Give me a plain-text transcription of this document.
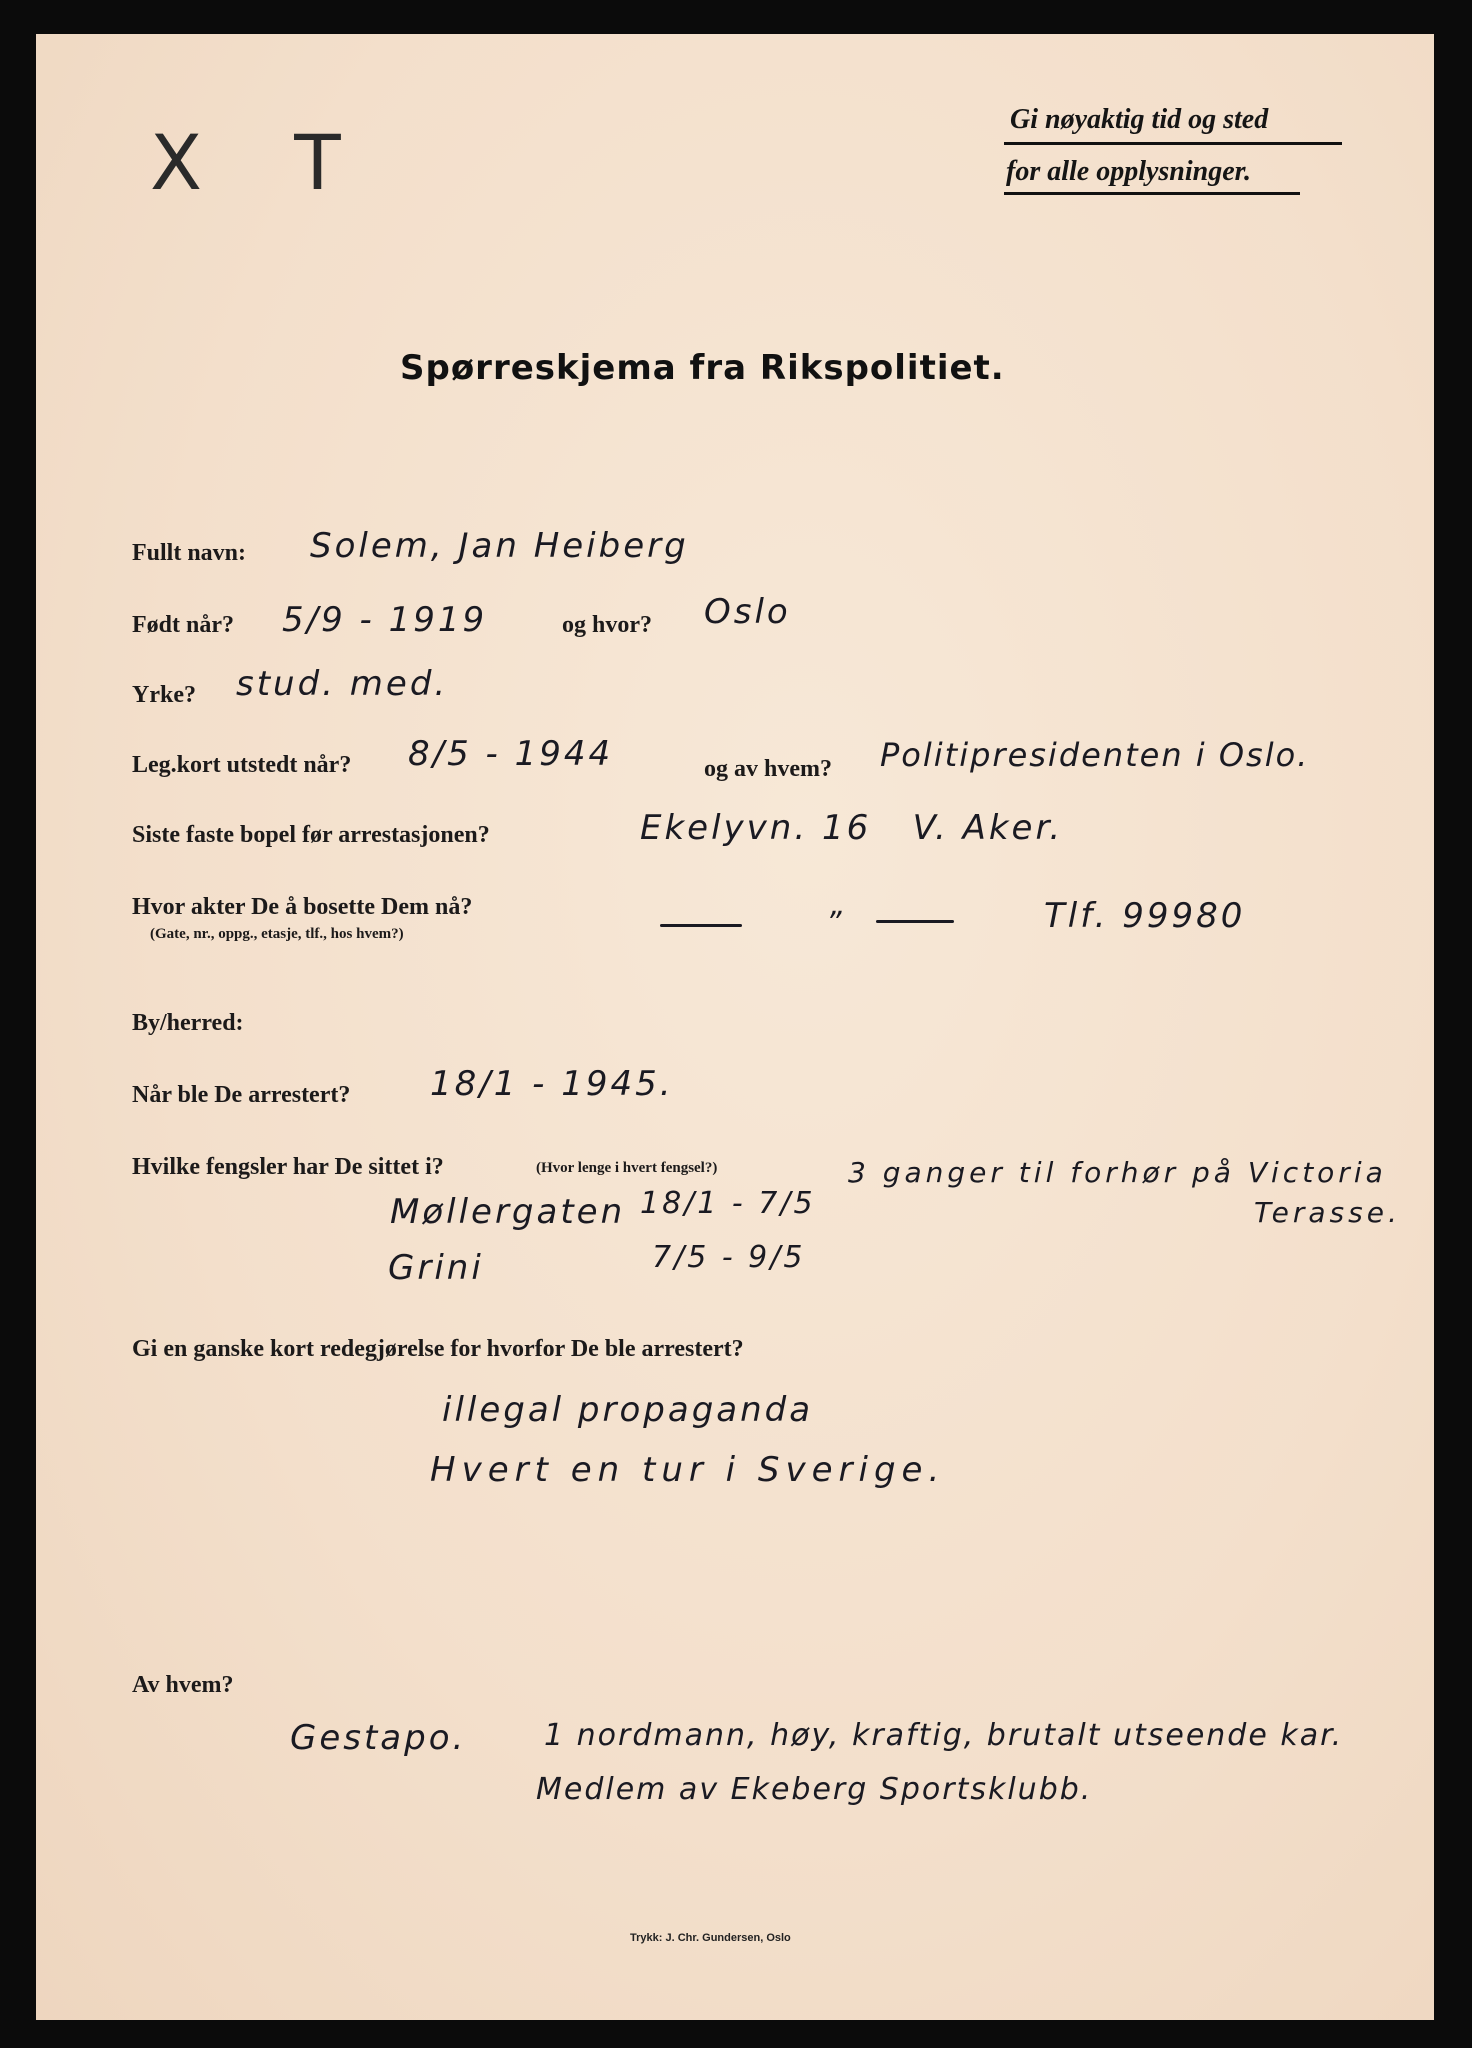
X T	Gi nøyaktig tid og sted
for alle opplysninger.
Spørreskjema fra Rikspolitiet.
Fullt navn: Solem, Jan Heiberg
Født når? 5/9 - 1919	og hvor? Oslo
Yrke? stud. med.
Leg.kort utstedt når? 8/5 - 1944	og av hvem? Politipresidenten i Oslo.
Siste faste bopel før arrestasjonen?	Ekelyvn. 16   V. Aker.
Hvor akter De å bosette Dem nå?
(Gate, nr., oppg., etasje, tlf., hos hvem?)	”	Tlf. 99980
By/herred:
Når ble De arrestert? 18/1 - 1945.
Hvilke fengsler har De sittet i?	(Hvor lenge i hvert fengsel?)
Møllergaten 18/1 - 7/5
Grini	7/5 - 9/5
3 ganger til forhør på Victoria
Terasse.
Gi en ganske kort redegjørelse for hvorfor De ble arrestert?
illegal propaganda
Hvert en tur i Sverige.
Av hvem?
Gestapo.	1 nordmann, høy, kraftig, brutalt utseende kar.
Medlem av Ekeberg Sportsklubb.
Trykk: J. Chr. Gundersen, Oslo
